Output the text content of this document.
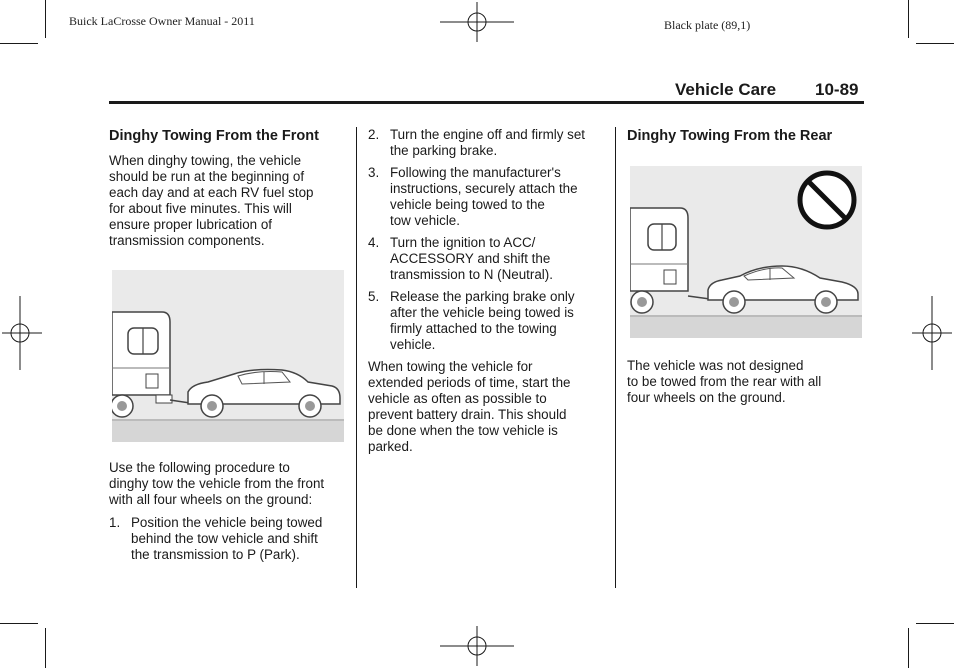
Buick LaCrosse Owner Manual - 2011	Black plate (89,1)
Vehicle Care 10-89
Dinghy Towing From the Front

When dinghy towing, the vehicle

should be run at the beginning of

each day and at each RV fuel stop

for about five minutes. This will

ensure proper lubrication of

transmission components.

Use the following procedure to

dinghy tow the vehicle from the front

with all four wheels on the ground:

1. Position the vehicle being towed

behind the tow vehicle and shift

the transmission to P (Park).

2. Turn the engine off and firmly set

the parking brake.

3. Following the manufacturer's

instructions, securely attach the

vehicle being towed to the

tow vehicle.

4. Turn the ignition to ACC/

ACCESSORY and shift the

transmission to N (Neutral).

5. Release the parking brake only

after the vehicle being towed is

firmly attached to the towing

vehicle.

When towing the vehicle for

extended periods of time, start the

vehicle as often as possible to

prevent battery drain. This should

be done when the tow vehicle is

parked.

Dinghy Towing From the Rear

The vehicle was not designed

to be towed from the rear with all

four wheels on the ground.
